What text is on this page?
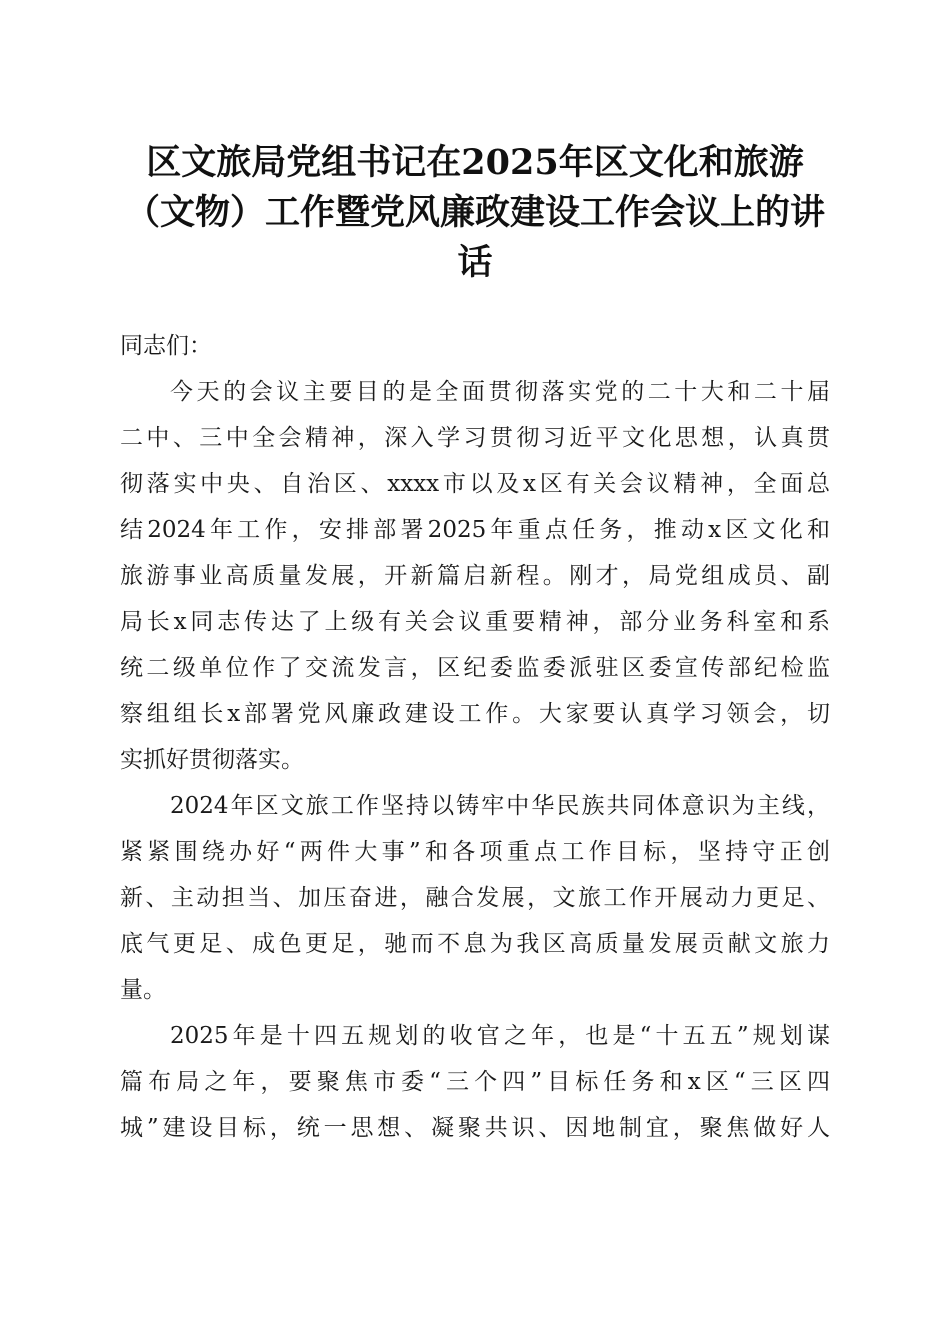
区文旅局党组书记在2025年区文化和旅游
（文物）工作暨党风廉政建设工作会议上的讲
话

同志们：

今天的会议主要目的是全面贯彻落实党的二十大和二十届
二中、三中全会精神，深入学习贯彻习近平文化思想，认真贯
彻落实中央、自治区、xxxx市以及x区有关会议精神，全面总
结2024年工作，安排部署2025年重点任务，推动x区文化和
旅游事业高质量发展，开新篇启新程。刚才，局党组成员、副
局长x同志传达了上级有关会议重要精神，部分业务科室和系
统二级单位作了交流发言，区纪委监委派驻区委宣传部纪检监
察组组长x部署党风廉政建设工作。大家要认真学习领会，切
实抓好贯彻落实。

2024年区文旅工作坚持以铸牢中华民族共同体意识为主线，
紧紧围绕办好“两件大事”和各项重点工作目标，坚持守正创
新、主动担当、加压奋进，融合发展，文旅工作开展动力更足、
底气更足、成色更足，驰而不息为我区高质量发展贡献文旅力
量。

2025年是十四五规划的收官之年，也是“十五五”规划谋
篇布局之年，要聚焦市委“三个四”目标任务和x区“三区四
城”建设目标，统一思想、凝聚共识、因地制宜，聚焦做好人
